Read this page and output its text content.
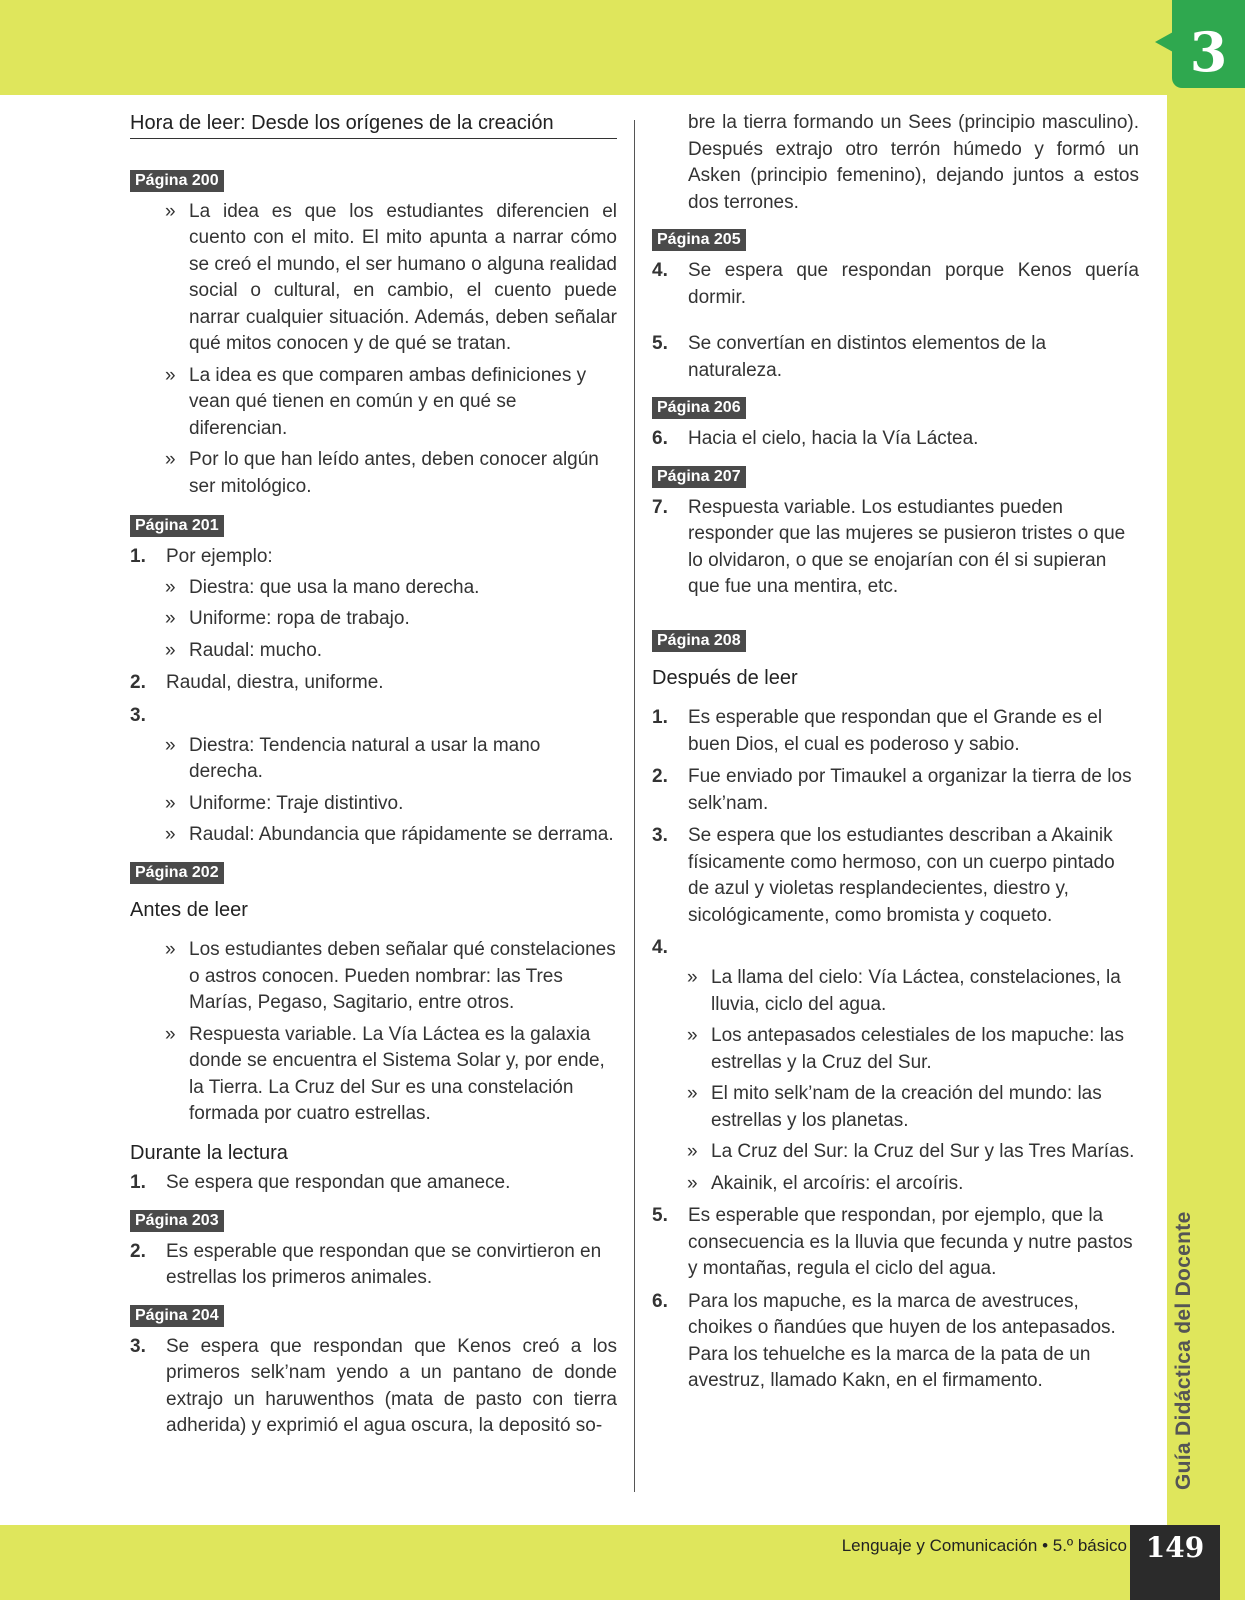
3
Guía Didáctica del Docente
Lenguaje y Comunicación • 5.º básico 149
Hora de leer: Desde los orígenes de la creación
Página 200
» La idea es que los estudiantes diferencien el cuento con el mito. El mito apunta a narrar cómo se creó el mundo, el ser humano o alguna realidad social o cultural, en cambio, el cuento puede narrar cualquier situación. Además, deben señalar qué mitos conocen y de qué se tratan.
» La idea es que comparen ambas definiciones y vean qué tienen en común y en qué se diferencian.
» Por lo que han leído antes, deben conocer algún ser mitológico.
Página 201
1. Por ejemplo:
» Diestra: que usa la mano derecha.
» Uniforme: ropa de trabajo.
» Raudal: mucho.
2. Raudal, diestra, uniforme.
3.
» Diestra: Tendencia natural a usar la mano derecha.
» Uniforme: Traje distintivo.
» Raudal: Abundancia que rápidamente se derrama.
Página 202
Antes de leer
» Los estudiantes deben señalar qué constelaciones o astros conocen. Pueden nombrar: las Tres Marías, Pegaso, Sagitario, entre otros.
» Respuesta variable. La Vía Láctea es la galaxia donde se encuentra el Sistema Solar y, por ende, la Tierra. La Cruz del Sur es una constelación formada por cuatro estrellas.
Durante la lectura
1. Se espera que respondan que amanece.
Página 203
2. Es esperable que respondan que se convirtieron en estrellas los primeros animales.
Página 204
3. Se espera que respondan que Kenos creó a los primeros selk’nam yendo a un pantano de donde extrajo un haruwenthos (mata de pasto con tierra adherida) y exprimió el agua oscura, la depositó so-

bre la tierra formando un Sees (principio masculino). Después extrajo otro terrón húmedo y formó un Asken (principio femenino), dejando juntos a estos dos terrones.

Página 205
4. Se espera que respondan porque Kenos quería dormir.
5. Se convertían en distintos elementos de la naturaleza.
Página 206
6. Hacia el cielo, hacia la Vía Láctea.
Página 207
7. Respuesta variable. Los estudiantes pueden responder que las mujeres se pusieron tristes o que lo olvidaron, o que se enojarían con él si supieran que fue una mentira, etc.
Página 208
Después de leer
1. Es esperable que respondan que el Grande es el buen Dios, el cual es poderoso y sabio.
2. Fue enviado por Timaukel a organizar la tierra de los selk’nam.
3. Se espera que los estudiantes describan a Akainik físicamente como hermoso, con un cuerpo pintado de azul y violetas resplandecientes, diestro y, sicológicamente, como bromista y coqueto.
4.
» La llama del cielo: Vía Láctea, constelaciones, la lluvia, ciclo del agua.
» Los antepasados celestiales de los mapuche: las estrellas y la Cruz del Sur.
» El mito selk’nam de la creación del mundo: las estrellas y los planetas.
» La Cruz del Sur: la Cruz del Sur y las Tres Marías.
» Akainik, el arcoíris: el arcoíris.
5. Es esperable que respondan, por ejemplo, que la consecuencia es la lluvia que fecunda y nutre pastos y montañas, regula el ciclo del agua.
6. Para los mapuche, es la marca de avestruces, choikes o ñandúes que huyen de los antepasados. Para los tehuelche es la marca de la pata de un avestruz, llamado Kakn, en el firmamento.
